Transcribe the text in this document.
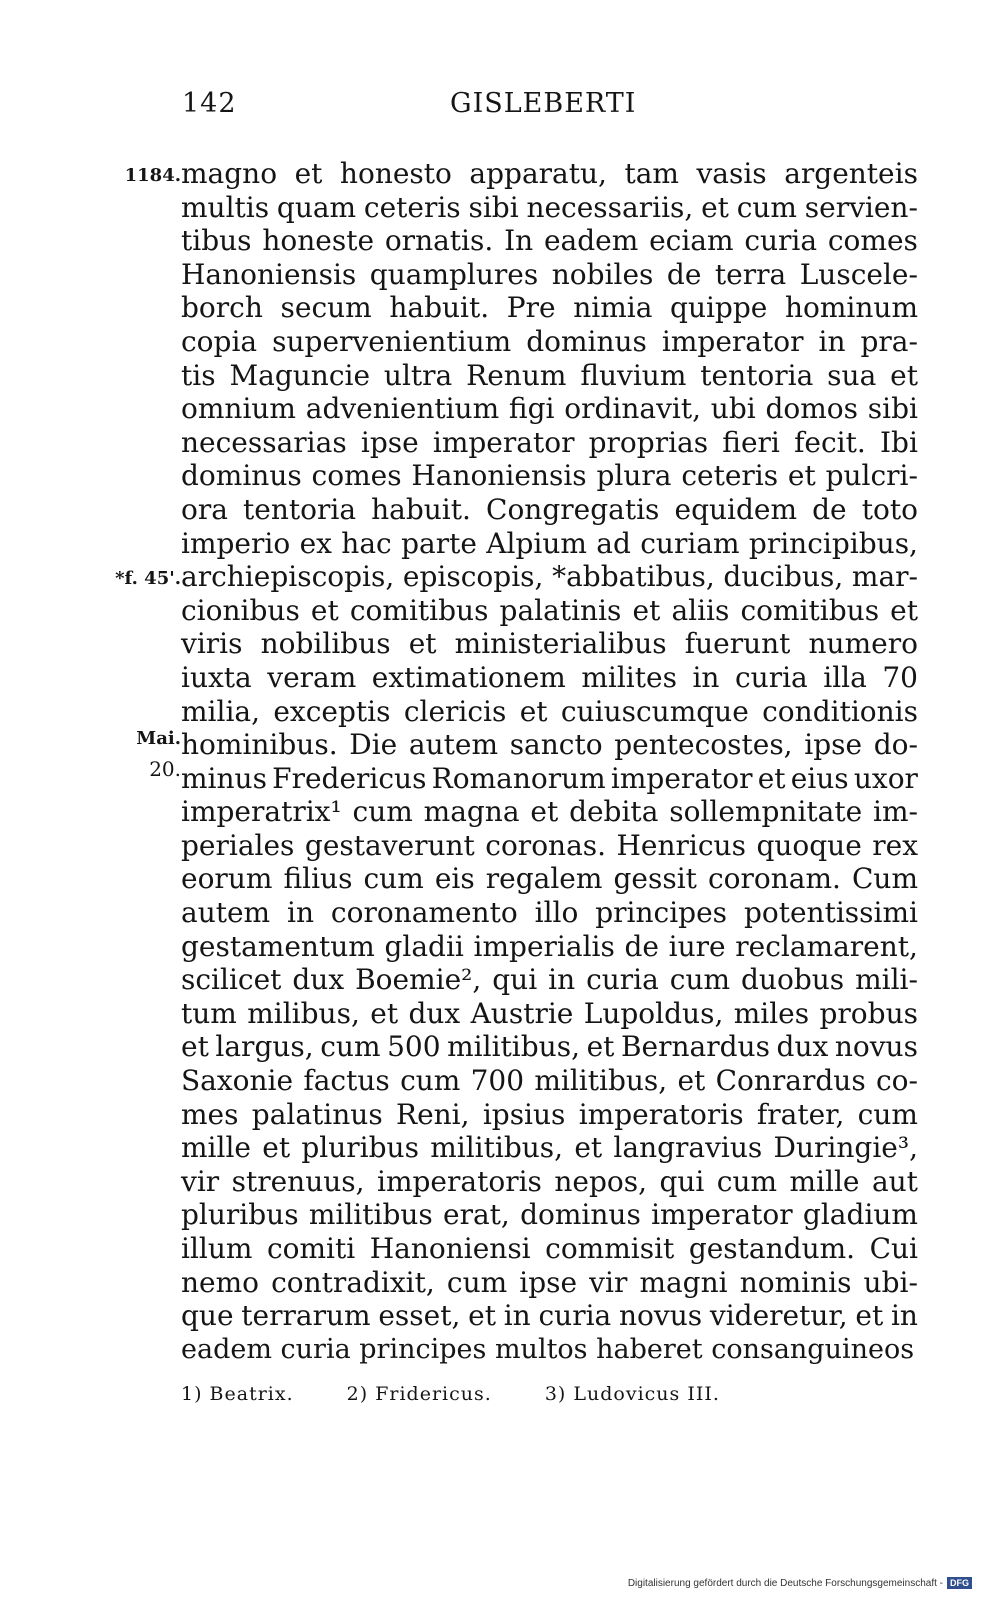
142	GISLEBERTI
1184.
*f. 45'.
Mai.
20.
magno et honesto apparatu, tam vasis argenteis
multis quam ceteris sibi necessariis, et cum servien-
tibus honeste ornatis. In eadem eciam curia comes
Hanoniensis quamplures nobiles de terra Luscele-
borch secum habuit. Pre nimia quippe hominum
copia supervenientium dominus imperator in pra-
tis Maguncie ultra Renum fluvium tentoria sua et
omnium advenientium figi ordinavit, ubi domos sibi
necessarias ipse imperator proprias fieri fecit. Ibi
dominus comes Hanoniensis plura ceteris et pulcri-
ora tentoria habuit. Congregatis equidem de toto
imperio ex hac parte Alpium ad curiam principibus,
archiepiscopis, episcopis, *abbatibus, ducibus, mar-
cionibus et comitibus palatinis et aliis comitibus et
viris nobilibus et ministerialibus fuerunt numero
iuxta veram extimationem milites in curia illa 70
milia, exceptis clericis et cuiuscumque conditionis
hominibus. Die autem sancto pentecostes, ipse do-
minus Fredericus Romanorum imperator et eius uxor
imperatrix¹ cum magna et debita sollempnitate im-
periales gestaverunt coronas. Henricus quoque rex
eorum filius cum eis regalem gessit coronam. Cum
autem in coronamento illo principes potentissimi
gestamentum gladii imperialis de iure reclamarent,
scilicet dux Boemie², qui in curia cum duobus mili-
tum milibus, et dux Austrie Lupoldus, miles probus
et largus, cum 500 militibus, et Bernardus dux novus
Saxonie factus cum 700 militibus, et Conrardus co-
mes palatinus Reni, ipsius imperatoris frater, cum
mille et pluribus militibus, et langravius Duringie³,
vir strenuus, imperatoris nepos, qui cum mille aut
pluribus militibus erat, dominus imperator gladium
illum comiti Hanoniensi commisit gestandum. Cui
nemo contradixit, cum ipse vir magni nominis ubi-
que terrarum esset, et in curia novus videretur, et in
eadem curia principes multos haberet consanguineos
1) Beatrix.	2) Fridericus.	3) Ludovicus III.
Digitalisierung gefördert durch die Deutsche Forschungsgemeinschaft - DFG
